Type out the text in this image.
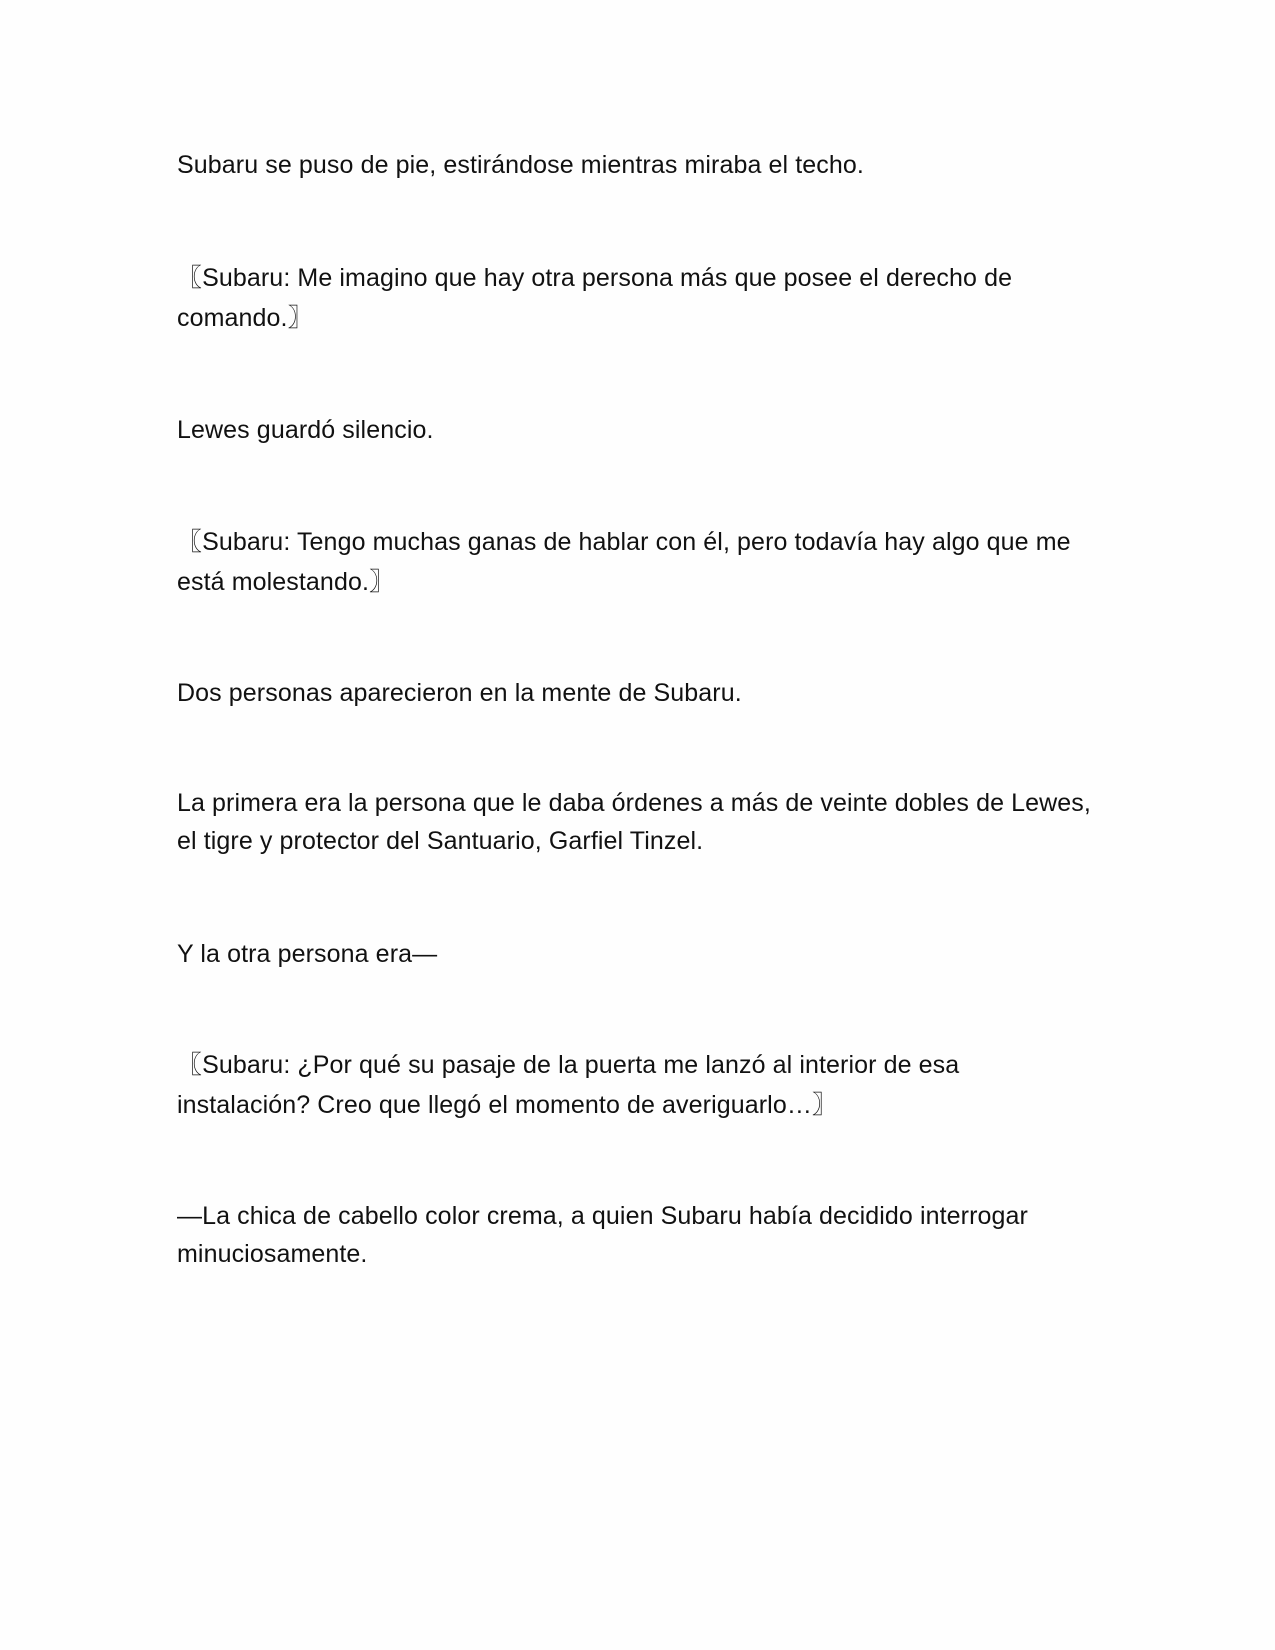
Subaru se puso de pie, estirándose mientras miraba el techo.

〖Subaru: Me imagino que hay otra persona más que posee el derecho de comando.〗

Lewes guardó silencio.

〖Subaru: Tengo muchas ganas de hablar con él, pero todavía hay algo que me está molestando.〗

Dos personas aparecieron en la mente de Subaru.

La primera era la persona que le daba órdenes a más de veinte dobles de Lewes, el tigre y protector del Santuario, Garfiel Tinzel.

Y la otra persona era—

〖Subaru: ¿Por qué su pasaje de la puerta me lanzó al interior de esa instalación? Creo que llegó el momento de averiguarlo…〗

—La chica de cabello color crema, a quien Subaru había decidido interrogar minuciosamente.
